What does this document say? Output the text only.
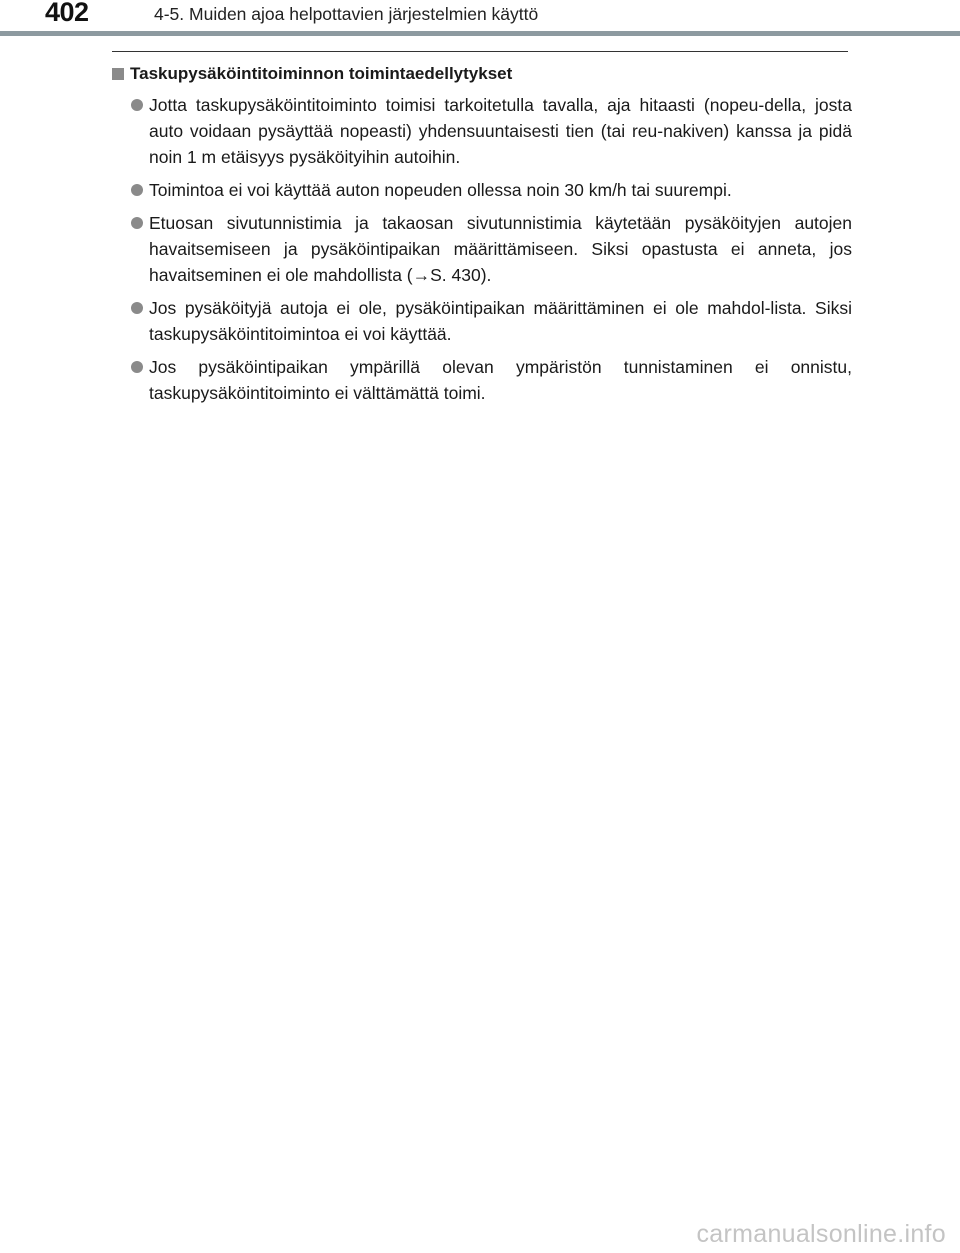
402	4-5. Muiden ajoa helpottavien järjestelmien käyttö
Taskupysäköintitoiminnon toimintaedellytykset
Jotta taskupysäköintitoiminto toimisi tarkoitetulla tavalla, aja hitaasti (nopeu-della, josta auto voidaan pysäyttää nopeasti) yhdensuuntaisesti tien (tai reu-nakiven) kanssa ja pidä noin 1 m etäisyys pysäköityihin autoihin.
Toimintoa ei voi käyttää auton nopeuden ollessa noin 30 km/h tai suurempi.
Etuosan sivutunnistimia ja takaosan sivutunnistimia käytetään pysäköityjen autojen havaitsemiseen ja pysäköintipaikan määrittämiseen. Siksi opastusta ei anneta, jos havaitseminen ei ole mahdollista (→S. 430).
Jos pysäköityjä autoja ei ole, pysäköintipaikan määrittäminen ei ole mahdol-lista. Siksi taskupysäköintitoimintoa ei voi käyttää.
Jos pysäköintipaikan ympärillä olevan ympäristön tunnistaminen ei onnistu, taskupysäköintitoiminto ei välttämättä toimi.
carmanualsonline.info
